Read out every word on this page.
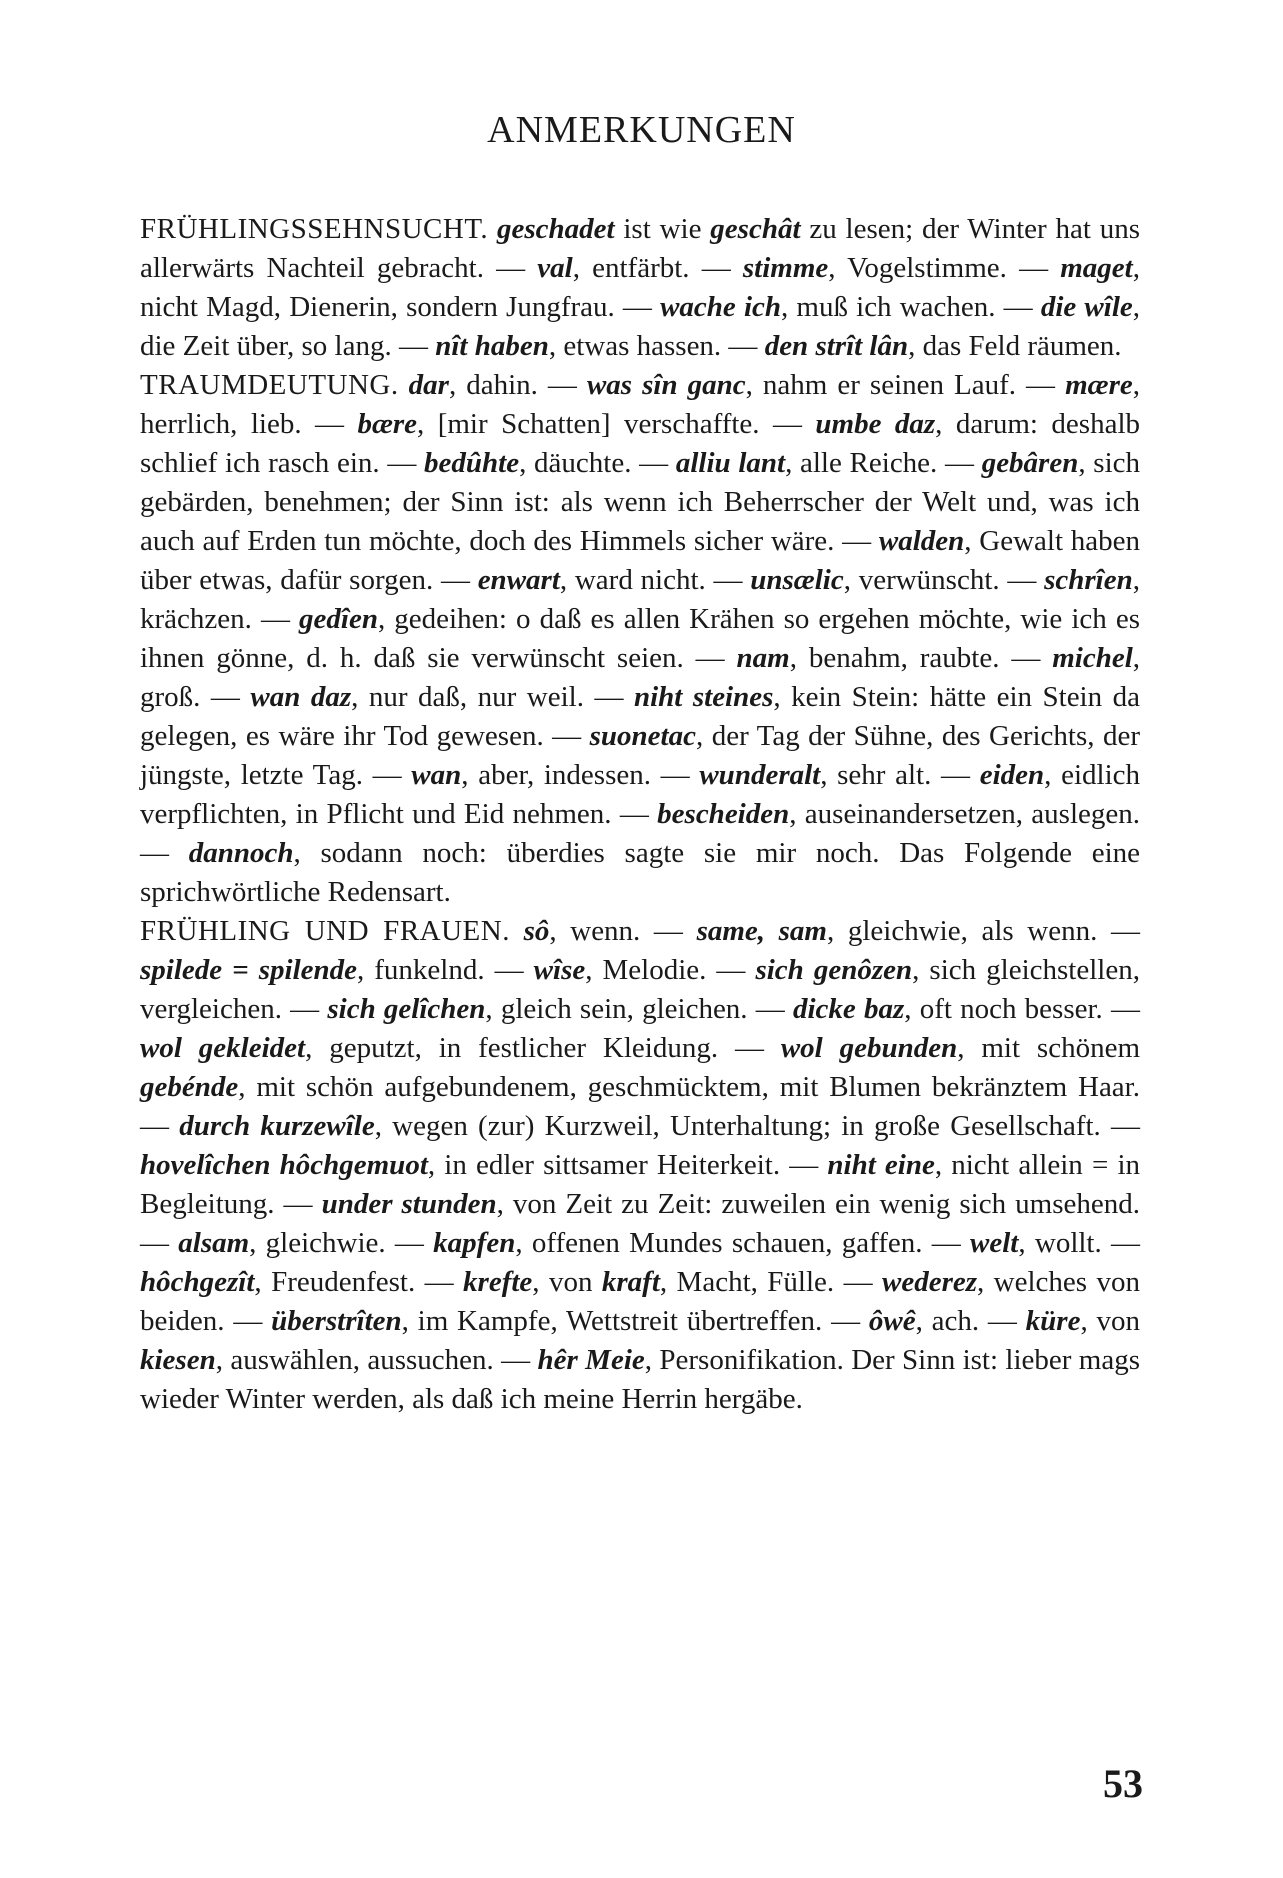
ANMERKUNGEN

FRÜHLINGSSEHNSUCHT. geschadet ist wie geschât zu lesen; der Winter hat uns allerwärts Nachteil gebracht. — val, entfärbt. — stimme, Vogelstimme. — maget, nicht Magd, Dienerin, sondern Jungfrau. — wache ich, muß ich wachen. — die wîle, die Zeit über, so lang. — nît haben, etwas hassen. — den strît lân, das Feld räumen.

TRAUMDEUTUNG. dar, dahin. — was sîn ganc, nahm er seinen Lauf. — mære, herrlich, lieb. — bære, [mir Schatten] verschaffte. — umbe daz, darum: deshalb schlief ich rasch ein. — bedûhte, däuchte. — alliu lant, alle Reiche. — gebâren, sich gebärden, benehmen; der Sinn ist: als wenn ich Beherrscher der Welt und, was ich auch auf Erden tun möchte, doch des Himmels sicher wäre. — walden, Gewalt haben über etwas, dafür sorgen. — enwart, ward nicht. — unsælic, verwünscht. — schrîen, krächzen. — gedîen, gedeihen: o daß es allen Krähen so ergehen möchte, wie ich es ihnen gönne, d. h. daß sie verwünscht seien. — nam, benahm, raubte. — michel, groß. — wan daz, nur daß, nur weil. — niht steines, kein Stein: hätte ein Stein da gelegen, es wäre ihr Tod gewesen. — suonetac, der Tag der Sühne, des Gerichts, der jüngste, letzte Tag. — wan, aber, indessen. — wunderalt, sehr alt. — eiden, eidlich verpflichten, in Pflicht und Eid nehmen. — bescheiden, auseinandersetzen, auslegen. — dannoch, sodann noch: überdies sagte sie mir noch. Das Folgende eine sprichwörtliche Redensart.

FRÜHLING UND FRAUEN. sô, wenn. — same, sam, gleichwie, als wenn. — spilede = spilende, funkelnd. — wîse, Melodie. — sich genôzen, sich gleichstellen, vergleichen. — sich gelîchen, gleich sein, gleichen. — dicke baz, oft noch besser. — wol gekleidet, geputzt, in festlicher Kleidung. — wol gebunden, mit schönem gebénde, mit schön aufgebundenem, geschmücktem, mit Blumen bekränztem Haar. — durch kurzewîle, wegen (zur) Kurzweil, Unterhaltung; in große Gesellschaft. — hovelîchen hôchgemuot, in edler sittsamer Heiterkeit. — niht eine, nicht allein = in Begleitung. — under stunden, von Zeit zu Zeit: zuweilen ein wenig sich umsehend. — alsam, gleichwie. — kapfen, offenen Mundes schauen, gaffen. — welt, wollt. — hôchgezît, Freudenfest. — krefte, von kraft, Macht, Fülle. — wederez, welches von beiden. — überstrîten, im Kampfe, Wettstreit übertreffen. — ôwê, ach. — küre, von kiesen, auswählen, aussuchen. — hêr Meie, Personifikation. Der Sinn ist: lieber mags wieder Winter werden, als daß ich meine Herrin hergäbe.

53
